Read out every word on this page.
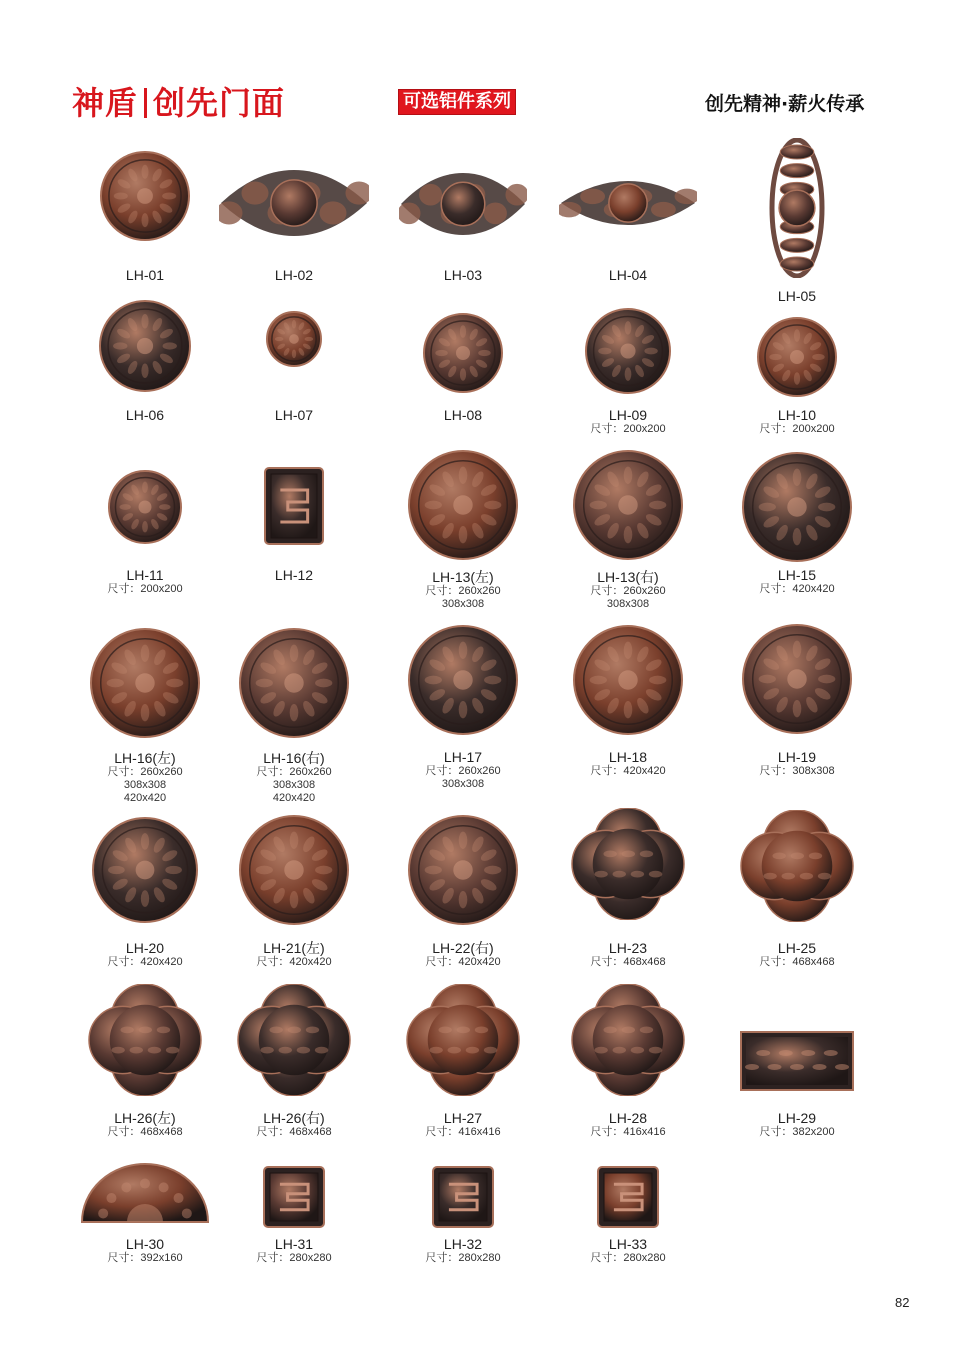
神盾 创先门面	可选铝件系列	创先精神·薪火传承
LH-01	LH-02	LH-03	LH-04
LH-05
LH-06	LH-07	LH-08	LH-09
尺寸：200x200
LH-10
尺寸：200x200
LH-11
尺寸：200x200
LH-12	LH-13(左)
尺寸：260x260
308x308
LH-13(右)
尺寸：260x260
308x308
LH-15
尺寸：420x420
LH-16(左)
尺寸：260x260
308x308
420x420
LH-16(右)
尺寸：260x260
308x308
420x420
LH-17
尺寸：260x260
308x308
LH-18
尺寸：420x420
LH-19
尺寸：308x308
LH-20
尺寸：420x420
LH-21(左)
尺寸：420x420
LH-22(右)
尺寸：420x420
LH-23
尺寸：468x468
LH-25
尺寸：468x468
LH-26(左)
尺寸：468x468
LH-26(右)
尺寸：468x468
LH-27
尺寸：416x416
LH-28
尺寸：416x416
LH-29
尺寸：382x200
LH-30
尺寸：392x160
LH-31
尺寸：280x280
LH-32
尺寸：280x280
LH-33
尺寸：280x280
82
